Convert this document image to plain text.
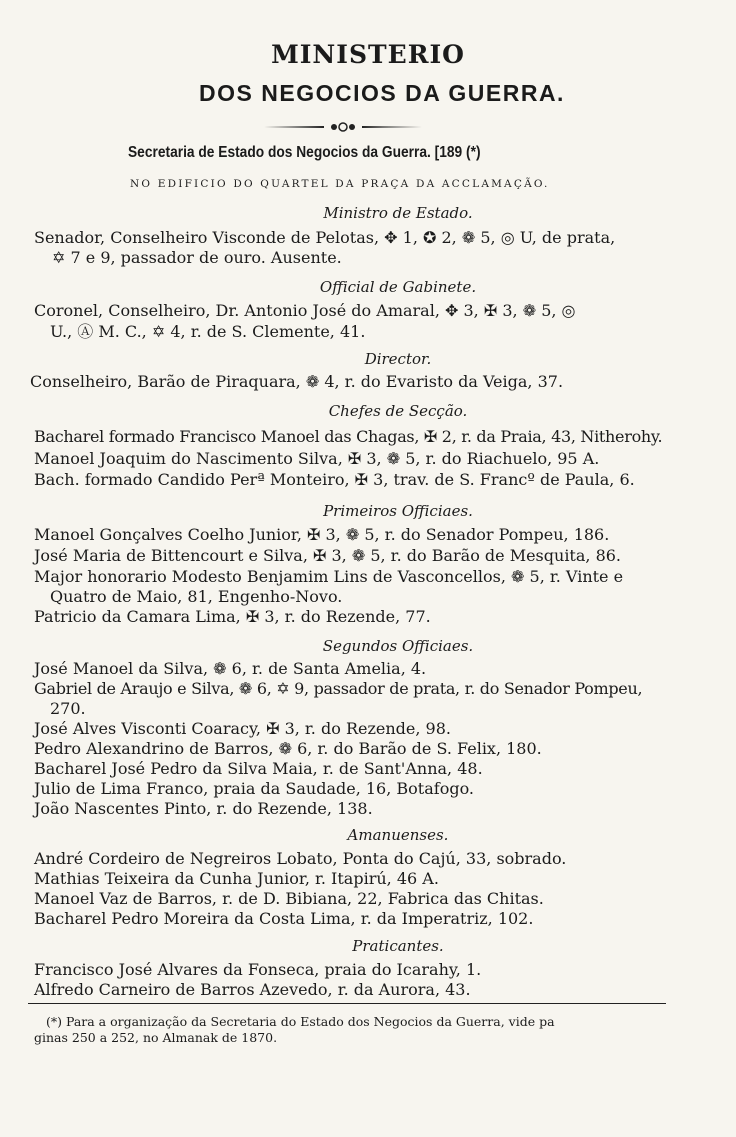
MINISTERIO
DOS NEGOCIOS DA GUERRA.
Secretaria de Estado dos Negocios da Guerra. [189 (*)
NO EDIFICIO DO QUARTEL DA PRAÇA DA ACCLAMAÇÃO.
Ministro de Estado.
Senador, Conselheiro Visconde de Pelotas, ✥ 1, ✪ 2, ❁ 5, ◎ U, de prata,
✡ 7 e 9, passador de ouro. Ausente.
Official de Gabinete.
Coronel, Conselheiro, Dr. Antonio José do Amaral, ✥ 3, ✠ 3, ❁ 5, ◎
U., Ⓐ M. C., ✡ 4, r. de S. Clemente, 41.
Director.
Conselheiro, Barão de Piraquara, ❁ 4, r. do Evaristo da Veiga, 37.
Chefes de Secção.
Bacharel formado Francisco Manoel das Chagas, ✠ 2, r. da Praia, 43, Nitherohy.
Manoel Joaquim do Nascimento Silva, ✠ 3, ❁ 5, r. do Riachuelo, 95 A.
Bach. formado Candido Perª Monteiro, ✠ 3, trav. de S. Francº de Paula, 6.
Primeiros Officiaes.
Manoel Gonçalves Coelho Junior, ✠ 3, ❁ 5, r. do Senador Pompeu, 186.
José Maria de Bittencourt e Silva, ✠ 3, ❁ 5, r. do Barão de Mesquita, 86.
Major honorario Modesto Benjamim Lins de Vasconcellos, ❁ 5, r. Vinte e
Quatro de Maio, 81, Engenho-Novo.
Patricio da Camara Lima, ✠ 3, r. do Rezende, 77.
Segundos Officiaes.
José Manoel da Silva, ❁ 6, r. de Santa Amelia, 4.
Gabriel de Araujo e Silva, ❁ 6, ✡ 9, passador de prata, r. do Senador Pompeu,
270.
José Alves Visconti Coaracy, ✠ 3, r. do Rezende, 98.
Pedro Alexandrino de Barros, ❁ 6, r. do Barão de S. Felix, 180.
Bacharel José Pedro da Silva Maia, r. de Sant'Anna, 48.
Julio de Lima Franco, praia da Saudade, 16, Botafogo.
João Nascentes Pinto, r. do Rezende, 138.
Amanuenses.
André Cordeiro de Negreiros Lobato, Ponta do Cajú, 33, sobrado.
Mathias Teixeira da Cunha Junior, r. Itapirú, 46 A.
Manoel Vaz de Barros, r. de D. Bibiana, 22, Fabrica das Chitas.
Bacharel Pedro Moreira da Costa Lima, r. da Imperatriz, 102.
Praticantes.
Francisco José Alvares da Fonseca, praia do Icarahy, 1.
Alfredo Carneiro de Barros Azevedo, r. da Aurora, 43.
(*) Para a organização da Secretaria do Estado dos Negocios da Guerra, vide pa
ginas 250 a 252, no Almanak de 1870.
